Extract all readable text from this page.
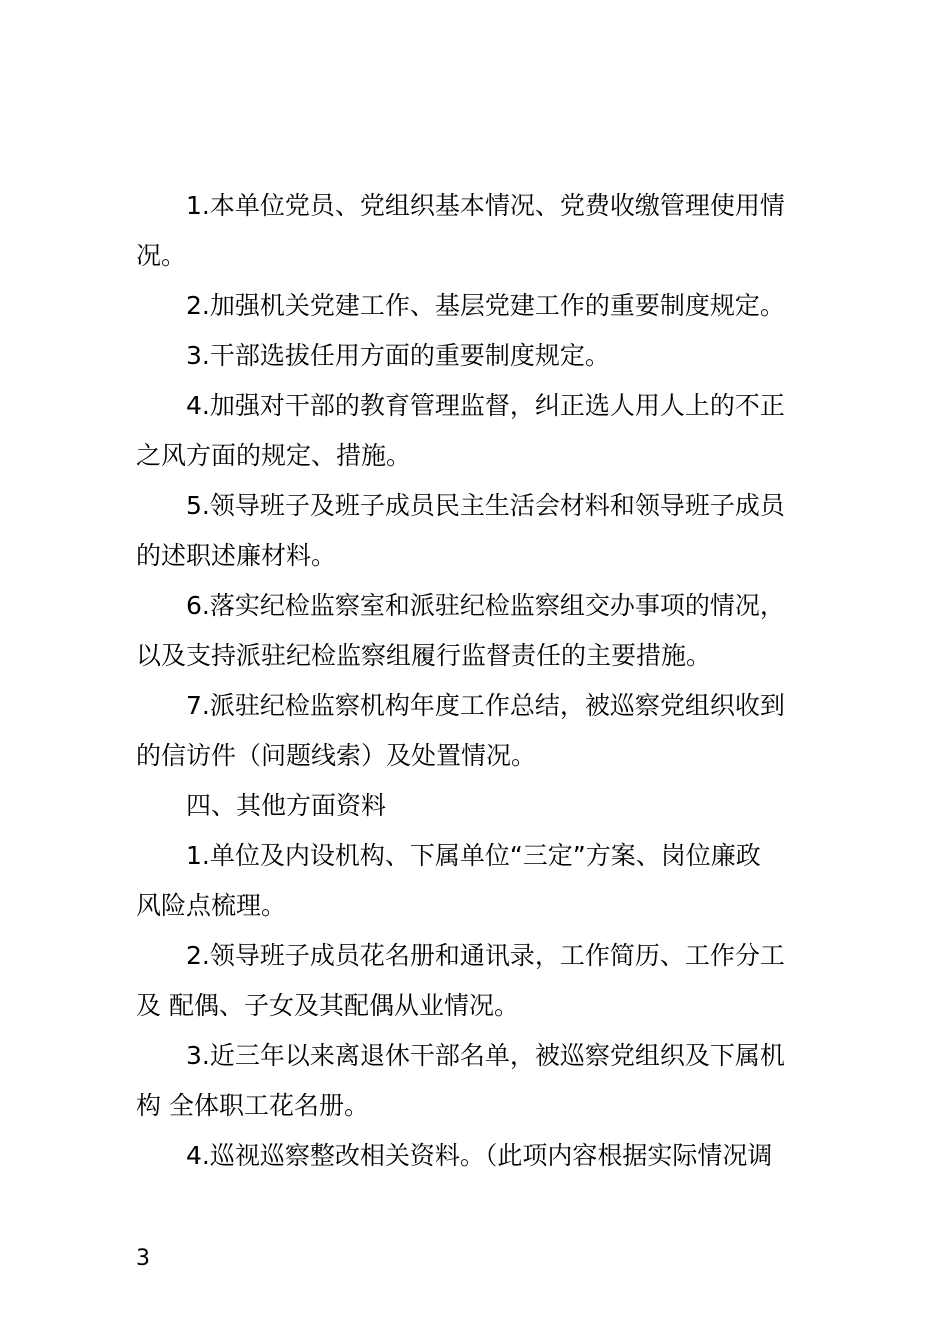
1.本单位党员、党组织基本情况、党费收缴管理使用情
况。
2.加强机关党建工作、基层党建工作的重要制度规定。
3.干部选拔任用方面的重要制度规定。
4.加强对干部的教育管理监督，纠正选人用人上的不正
之风方面的规定、措施。
5.领导班子及班子成员民主生活会材料和领导班子成员
的述职述廉材料。
6.落实纪检监察室和派驻纪检监察组交办事项的情况，
以及支持派驻纪检监察组履行监督责任的主要措施。
7.派驻纪检监察机构年度工作总结，被巡察党组织收到
的信访件（问题线索）及处置情况。
四、其他方面资料
1.单位及内设机构、下属单位“三定”方案、岗位廉政
风险点梳理。
2.领导班子成员花名册和通讯录，工作简历、工作分工
及 配偶、子女及其配偶从业情况。
3.近三年以来离退休干部名单，被巡察党组织及下属机
构 全体职工花名册。
4.巡视巡察整改相关资料。（此项内容根据实际情况调
3
